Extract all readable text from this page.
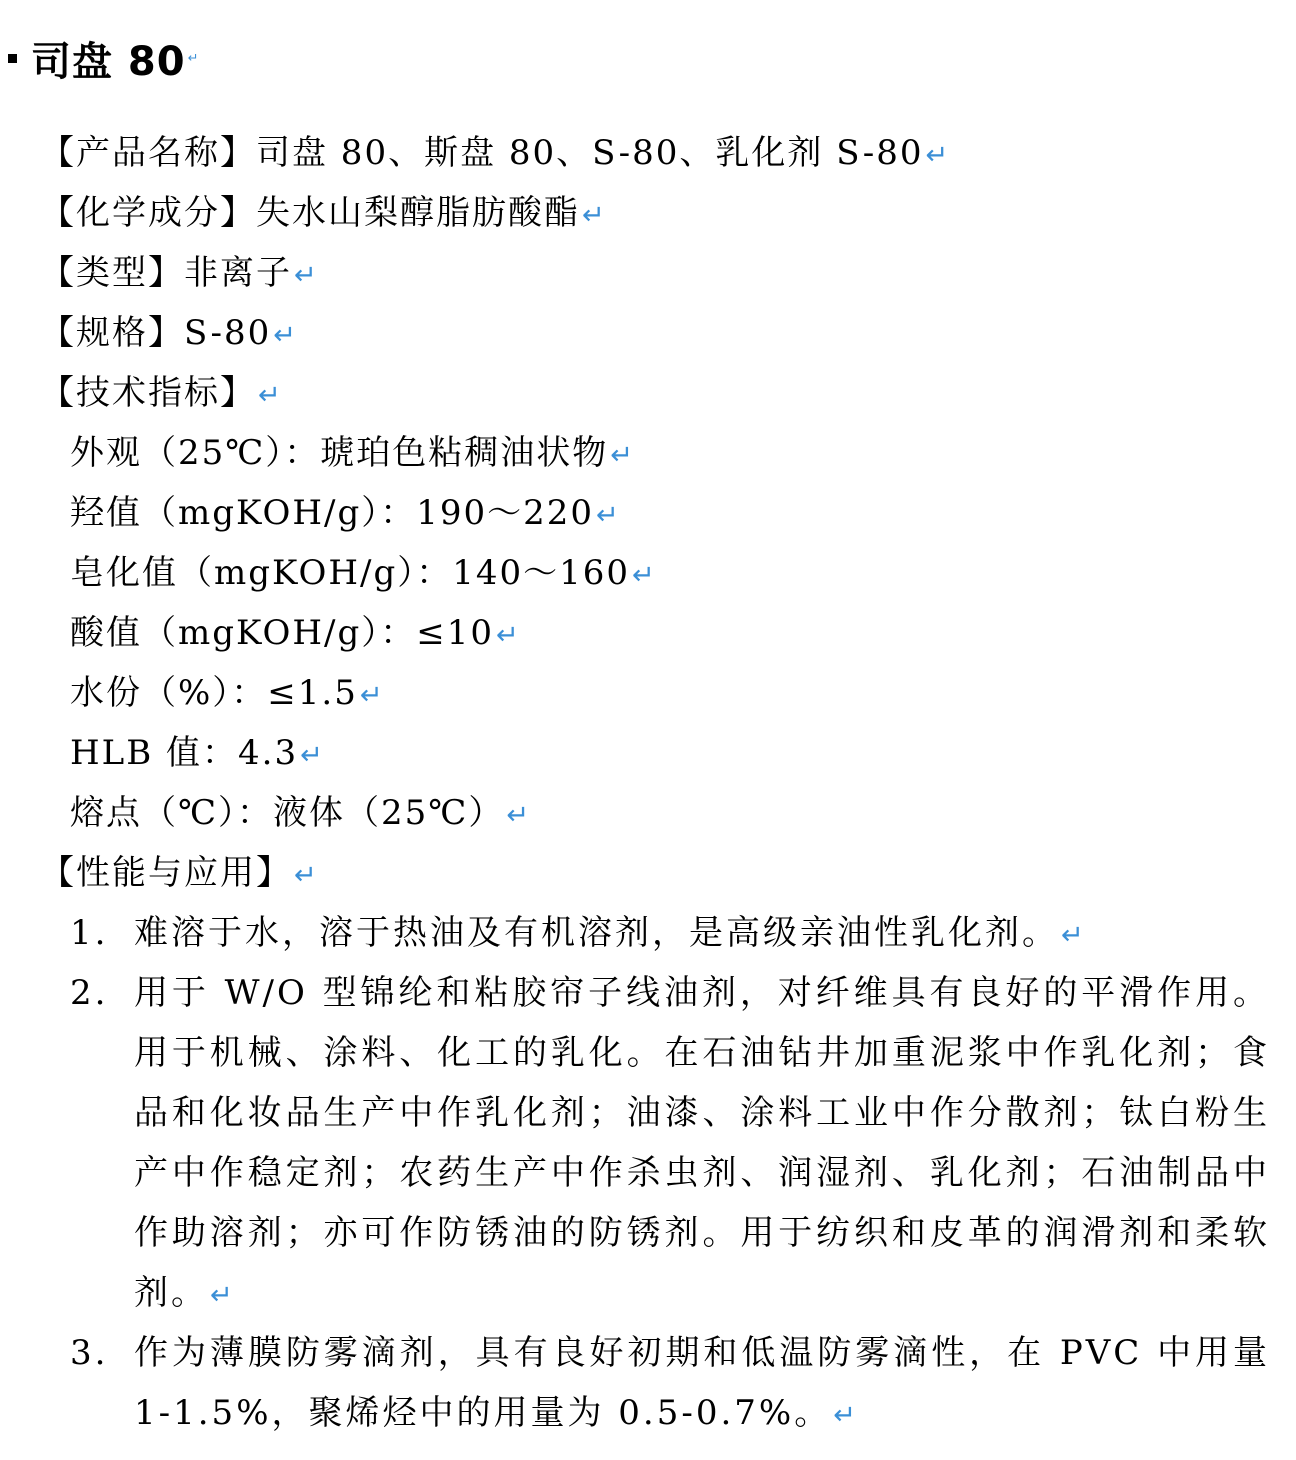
司盘 80 ↵
【产品名称】司盘 80、斯盘 80、S-80、乳化剂 S-80↵
【化学成分】失水山梨醇脂肪酸酯↵
【类型】非离子↵
【规格】S-80↵
【技术指标】↵
外观（25℃）：琥珀色粘稠油状物↵
羟值（mgKOH/g）：190～220↵
皂化值（mgKOH/g）：140～160↵
酸值（mgKOH/g）：≤10↵
水份（%）：≤1.5↵
HLB 值：4.3↵
熔点（℃）：液体（25℃）↵
【性能与应用】↵
1. 难溶于水，溶于热油及有机溶剂，是高级亲油性乳化剂。↵
2. 用于 W/O 型锦纶和粘胶帘子线油剂，对纤维具有良好的平滑作用。用于机械、涂料、化工的乳化。在石油钻井加重泥浆中作乳化剂；食品和化妆品生产中作乳化剂；油漆、涂料工业中作分散剂；钛白粉生产中作稳定剂；农药生产中作杀虫剂、润湿剂、乳化剂；石油制品中作助溶剂；亦可作防锈油的防锈剂。用于纺织和皮革的润滑剂和柔软剂。↵
3. 作为薄膜防雾滴剂，具有良好初期和低温防雾滴性，在 PVC 中用量 1-1.5%，聚烯烃中的用量为 0.5-0.7%。↵
